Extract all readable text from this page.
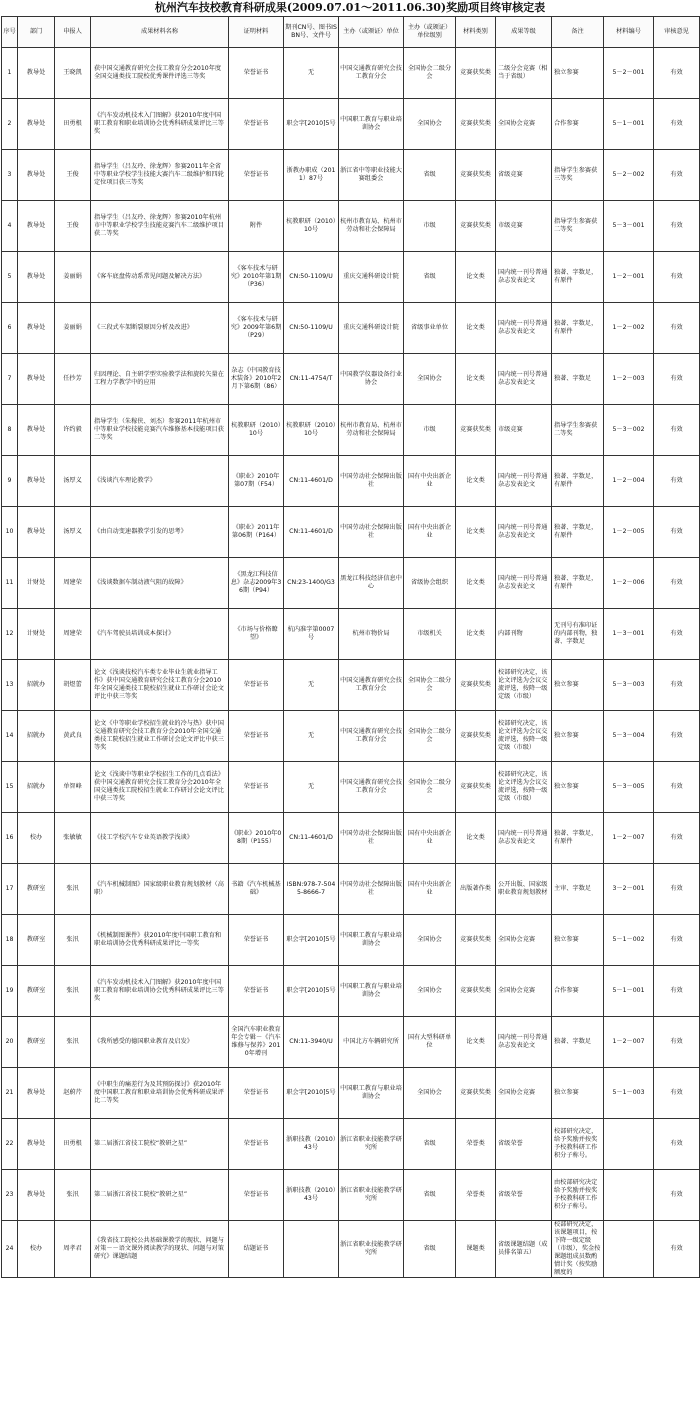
杭州汽车技校教育科研成果(2009.07.01～2011.06.30)奖励项目终审核定表
序号	部门	申报人	成果材料名称	证明材料	期刊CN号、图书ISBN号、文件号	主办（或颁证）单位	主办（或颁证）单位级别	材料类别	成果等级	备注	材料编号	审核意见
1	教导处	王晓凯	获中国交通教育研究会技工教育分会2010年度全国交通类技工院校优秀课件评选三等奖	荣誉证书	无	中国交通教育研究会技工教育分会	全国协会二级分会	竞赛获奖类	二级分会竞赛（相当于省级）	独立参赛	5－2－001	有效
2	教导处	田勇根	《汽车发动机技术入门图解》获2010年度中国职工教育和职业培训协会优秀科研成果评比三等奖	荣誉证书	职会字[2010]5号	中国职工教育与职业培训协会	全国协会	竞赛获奖类	全国协会竞赛	合作参赛	5－1－001	有效
3	教导处	王俊	指导学生（吕友玲、徐龙辉）参赛2011年全省中等职业学校学生技能大赛汽车二级维护和四轮定位项目获三等奖	荣誉证书	浙教办职成（2011）87号	浙江省中等职业技能大赛组委会	省级	竞赛获奖类	省级竞赛	指导学生参赛获三等奖	5－2－002	有效
4	教导处	王俊	指导学生（吕友玲、徐龙辉）参赛2010年杭州市中等职业学校学生技能竞赛汽车二级维护项目获二等奖	附件	杭教职研（2010）10号	杭州市教育局、杭州市劳动和社会保障局	市级	竞赛获奖类	市级竞赛	指导学生参赛获二等奖	5－3－001	有效
5	教导处	姜丽娟	《客车底盘传动系常见问题及解决方法》	《客车技术与研究》2010年第1期（P36）	CN:50-1109/U	重庆交通科研设计院	省级	论文类	国内统一刊号普通杂志发表论文	独著、字数足，有原件	1－2－001	有效
6	教导处	姜丽娟	《三段式车架断裂原因分析及改进》	《客车技术与研究》2009年第6期（P29）	CN:50-1109/U	重庆交通科研设计院	省级事业单位	论文类	国内统一刊号普通杂志发表论文	独著、字数足，有原件	1－2－002	有效
7	教导处	任抄芳	归因理论、自主研学型实验教学法和旋转矢量在工程力学教学中的应用	杂志《中国教育技术装备》2010年2月下第6期（86）	CN:11-4754/T	中国教学仪器设备行业协会	全国协会	论文类	国内统一刊号普通杂志发表论文	独著、字数足	1－2－003	有效
8	教导处	许约毅	指导学生（朱稼侠、刘杰）参赛2011年杭州市中等职业学校技能竞赛汽车维修基本技能项目获二等奖	杭教职研（2010）10号	杭教职研（2010）10号	杭州市教育局、杭州市劳动和社会保障局	市级	竞赛获奖类	市级竞赛	指导学生参赛获二等奖	5－3－002	有效
9	教导处	汤厚义	《浅谈汽车理论教学》	《职业》2010年第07期（F54）	CN:11-4601/D	中国劳动社会保障出版社	国有中央出新企业	论文类	国内统一刊号普通杂志发表论文	独著、字数足，有原件	1－2－004	有效
10	教导处	汤厚义	《由自动变速器教学引发的思考》	《职业》2011年第06期（P164）	CN:11-4601/D	中国劳动社会保障出版社	国有中央出新企业	论文类	国内统一刊号普通杂志发表论文	独著、字数足，有原件	1－2－005	有效
11	计财处	周建荣	《浅谈数据车制动液气阻的故障》	《黑龙江科技信息》杂志2009年36期（P94）	CN:23-1400/G3	黑龙江科技经济信息中心	省级协会组织	论文类	国内统一刊号普通杂志发表论文	独著、字数足，有原件	1－2－006	有效
12	计财处	周建荣	《汽车驾驶员培训成本探讨》	《市场与价格瞭望》	杭内准字第0007号	杭州市物价局	市级机关	论文类	内部刊物	无刊号有准印证的内部刊物，独著、字数足	1－3－001	有效
13	招就办	胡煜蕾	论文《浅谈技校汽车类专业毕业生就业指导工作》获中国交通教育研究会技工教育分会2010年全国交通类技工院校招生就业工作研讨会论文评比中获三等奖	荣誉证书	无	中国交通教育研究会技工教育分会	全国协会二级分会	竞赛获奖类	校部研究决定，该论文评选为会议交流评选，按降一级定级（市级）	独立参赛	5－3－003	有效
14	招就办	黄武良	论文《中等职业学校招生就业的冷与热》获中国交通教育研究会技工教育分会2010年全国交通类技工院校招生就业工作研讨会论文评比中获三等奖	荣誉证书	无	中国交通教育研究会技工教育分会	全国协会二级分会	竞赛获奖类	校部研究决定，该论文评选为会议交流评选，按降一级定级（市级）	独立参赛	5－3－004	有效
15	招就办	单智峰	论文《浅谈中等职业学校招生工作的几点看法》获中国交通教育研究会技工教育分会2010年全国交通类技工院校招生就业工作研讨会论文评比中获三等奖	荣誉证书	无	中国交通教育研究会技工教育分会	全国协会二级分会	竞赛获奖类	校部研究决定，该论文评选为会议交流评选，按降一级定级（市级）	独立参赛	5－3－005	有效
16	校办	张敏敏	《技工学校汽车专业英语教学浅谈》	《职业》2010年08期（P155）	CN:11-4601/D	中国劳动社会保障出版社	国有中央出新企业	论文类	国内统一刊号普通杂志发表论文	独著、字数足，有原件	1－2－007	有效
17	教研室	张汛	《汽车机械制图》国家级职业教育规划教材（高职）	书籍《汽车机械基础》	ISBN:978-7-5045-8666-7	中国劳动社会保障出版社	国有中央出新企业	出版著作类	公开出版、国家级职业教育规划教材	主审、字数足	3－2－001	有效
18	教研室	张汛	《机械制图课件》获2010年度中国职工教育和职业培训协会优秀科研成果评比一等奖	荣誉证书	职会字[2010]5号	中国职工教育与职业培训协会	全国协会	竞赛获奖类	全国协会竞赛	独立参赛	5－1－002	有效
19	教研室	张汛	《汽车发动机技术入门图解》获2010年度中国职工教育和职业培训协会优秀科研成果评比三等奖	荣誉证书	职会字[2010]5号	中国职工教育与职业培训协会	全国协会	竞赛获奖类	全国协会竞赛	合作参赛	5－1－001	有效
20	教研室	张汛	《我所感受的德国职业教育及启发》	全国汽车职业教育年会专辑－《汽车维修与保养》2010年增刊	CN:11-3940/U	中国北方车辆研究所	国有大型科研单位	论文类	国内统一刊号普通杂志发表论文	独著、字数足	1－2－007	有效
21	教导处	赵蔚芹	《中职生的痛差行为及其预防探讨》获2010年度中国职工教育和职业培训协会优秀科研成果评比二等奖	荣誉证书	职会字[2010]5号	中国职工教育与职业培训协会	全国协会	竞赛获奖类	全国协会竞赛	独立参赛	5－1－003	有效
22	教导处	田勇根	第二届浙江省技工院校“教研之星”	荣誉证书	浙职技教（2010）43号	浙江省职业技能教学研究所	省级	荣誉类	省级荣誉	校部研究决定，给予奖励并按奖予校教科研工作积分子称号。		有效
23	教导处	张汛	第二届浙江省技工院校“教研之星”	荣誉证书	浙职技教（2010）43号	浙江省职业技能教学研究所	省级	荣誉类	省级荣誉	由校部研究决定给予奖励并按奖予校教科研工作积分子称号。		有效
24	校办	周孝君	《我省技工院校公共基础课教学的现状、问题与对策－－语文课外阅读教学的现状、问题与对策研究》课题结题	结题证书		浙江省职业技能教学研究所	省级	课题类	省级课题结题（成员排名第五）	校部研究决定，该课题项目，按下降一级定级（市级），奖金按课题组成员数酌情计奖（按奖励额度的		有效
